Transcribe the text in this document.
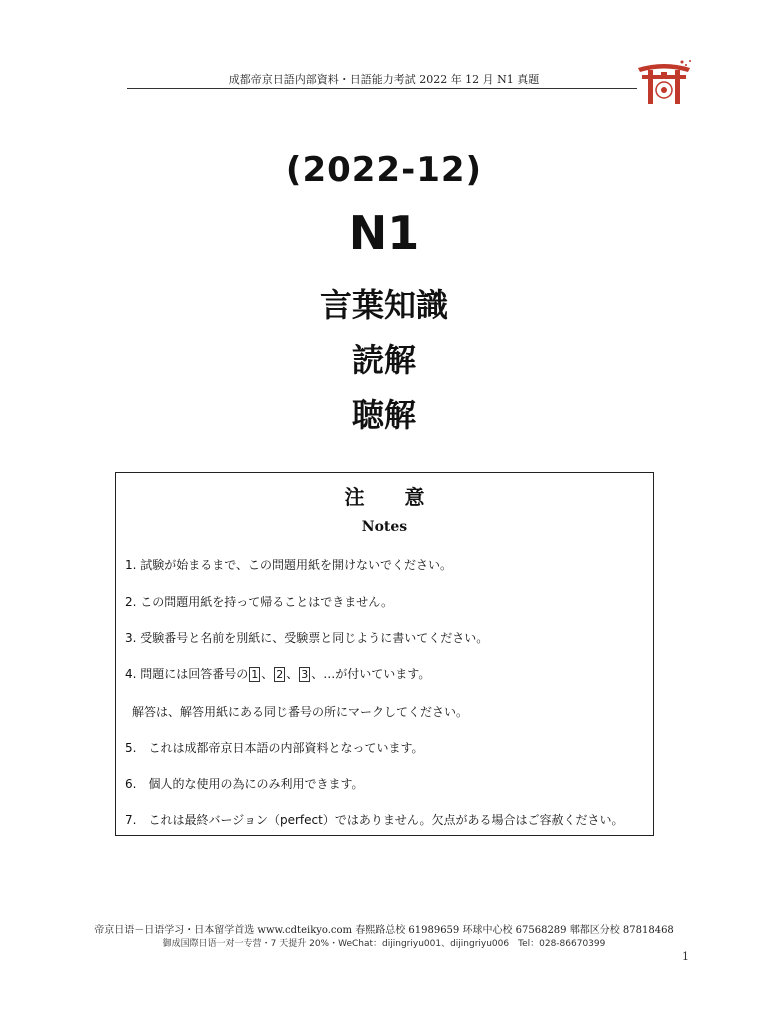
成都帝京日語内部資料・日語能力考試 2022 年 12 月 N1 真题
(2022-12)
N1
言葉知識
読解
聴解
注意
Notes
1. 試験が始まるまで、この問題用紙を開けないでください。
2. この問題用紙を持って帰ることはできません。
3. 受験番号と名前を別紙に、受験票と同じように書いてください。
4. 問題には回答番号の 1 、 2 、 3 、…が付いています。
解答は、解答用紙にある同じ番号の所にマークしてください。
5.　これは成都帝京日本語の内部資料となっています。
6.　個人的な使用の為にのみ利用できます。
7.　これは最終バージョン（perfect）ではありません。欠点がある場合はご容赦ください。
帝京日语－日语学习・日本留学首选 www.cdteikyo.com 春熙路总校 61989659 环球中心校 67568289 郫都区分校 87818468
御成国際日语一对一专营・7 天提升 20%・WeChat：dijingriyu001、dijingriyu006　Tel：028-86670399
1
